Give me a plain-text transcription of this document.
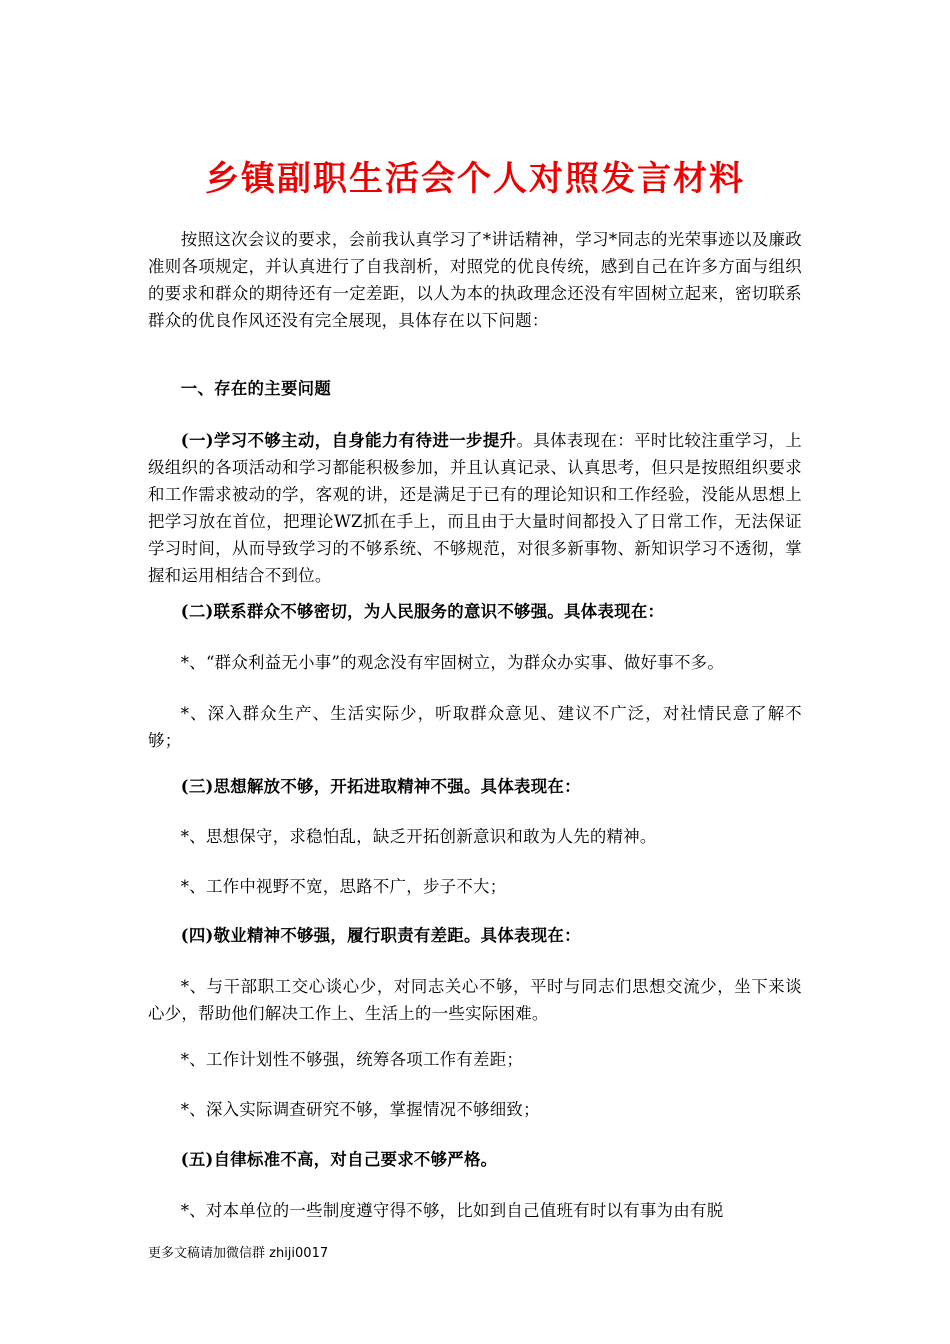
乡镇副职生活会个人对照发言材料

按照这次会议的要求，会前我认真学习了*讲话精神，学习*同志的光荣事迹以及廉政准则各项规定，并认真进行了自我剖析，对照党的优良传统，感到自己在许多方面与组织的要求和群众的期待还有一定差距，以人为本的执政理念还没有牢固树立起来，密切联系群众的优良作风还没有完全展现，具体存在以下问题：

一、存在的主要问题

(一)学习不够主动，自身能力有待进一步提升。具体表现在：平时比较注重学习，上级组织的各项活动和学习都能积极参加，并且认真记录、认真思考，但只是按照组织要求和工作需求被动的学，客观的讲，还是满足于已有的理论知识和工作经验，没能从思想上把学习放在首位，把理论WZ抓在手上，而且由于大量时间都投入了日常工作，无法保证学习时间，从而导致学习的不够系统、不够规范，对很多新事物、新知识学习不透彻，掌握和运用相结合不到位。

(二)联系群众不够密切，为人民服务的意识不够强。具体表现在：

*、“群众利益无小事”的观念没有牢固树立，为群众办实事、做好事不多。

*、深入群众生产、生活实际少，听取群众意见、建议不广泛，对社情民意了解不够；

(三)思想解放不够，开拓进取精神不强。具体表现在：

*、思想保守，求稳怕乱，缺乏开拓创新意识和敢为人先的精神。

*、工作中视野不宽，思路不广，步子不大；

(四)敬业精神不够强，履行职责有差距。具体表现在：

*、与干部职工交心谈心少，对同志关心不够，平时与同志们思想交流少，坐下来谈心少，帮助他们解决工作上、生活上的一些实际困难。

*、工作计划性不够强，统筹各项工作有差距；

*、深入实际调查研究不够，掌握情况不够细致；

(五)自律标准不高，对自己要求不够严格。

*、对本单位的一些制度遵守得不够，比如到自己值班有时以有事为由有脱

更多文稿请加微信群 zhiji0017
